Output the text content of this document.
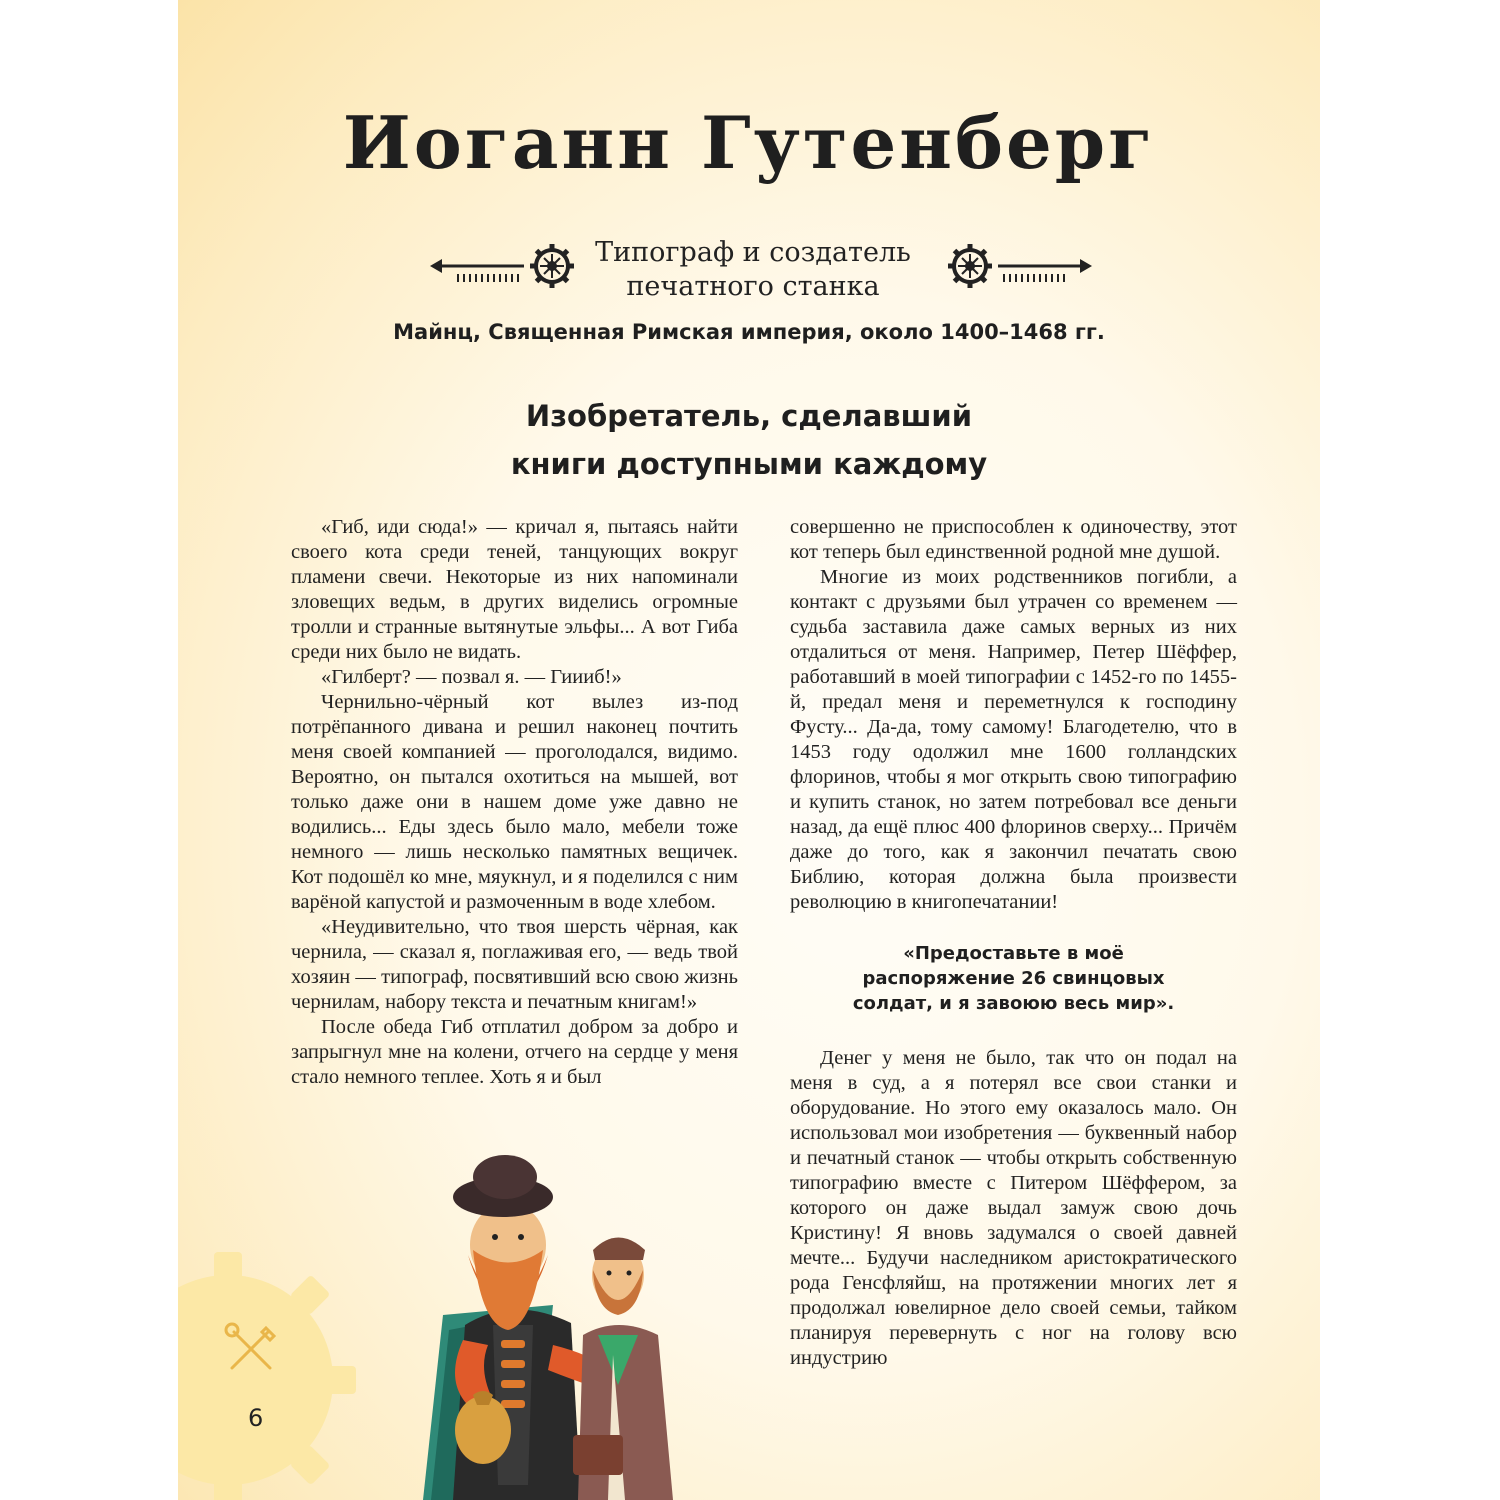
Иоганн Гутенберг
Типограф и создатель
печатного станка
Майнц, Священная Римская империя, около 1400–1468 гг.
Изобретатель, сделавший
книги доступными каждому

«Гиб, иди сюда!» — кричал я, пытаясь найти своего кота среди теней, танцующих вокруг пламени свечи. Некоторые из них напоминали зловещих ведьм, в других виделись огромные тролли и странные вытянутые эльфы... А вот Гиба среди них было не видать.

«Гилберт? — позвал я. — Гиииб!»

Чернильно-чёрный кот вылез из-под потрёпанного дивана и решил наконец почтить меня своей компанией — проголодался, видимо. Вероятно, он пытался охотиться на мышей, вот только даже они в нашем доме уже давно не водились... Еды здесь было мало, мебели тоже немного — лишь несколько памятных вещичек. Кот подошёл ко мне, мяукнул, и я поделился с ним варёной капустой и размоченным в воде хлебом.

«Неудивительно, что твоя шерсть чёрная, как чернила, — сказал я, поглаживая его, — ведь твой хозяин — типограф, посвятивший всю свою жизнь чернилам, набору текста и печатным книгам!»

После обеда Гиб отплатил добром за добро и запрыгнул мне на колени, отчего на сердце у меня стало немного теплее. Хоть я и был

совершенно не приспособлен к одиночеству, этот кот теперь был единственной родной мне душой.

Многие из моих родственников погибли, а контакт с друзьями был утрачен со временем — судьба заставила даже самых верных из них отдалиться от меня. Например, Петер Шёффер, работавший в моей типографии с 1452-го по 1455-й, предал меня и переметнулся к господину Фусту... Да-да, тому самому! Благодетелю, что в 1453 году одолжил мне 1600 голландских флоринов, чтобы я мог открыть свою типографию и купить станок, но затем потребовал все деньги назад, да ещё плюс 400 флоринов сверху... Причём даже до того, как я закончил печатать свою Библию, которая должна была произвести революцию в книгопечатании!

«Предоставьте в моё
распоряжение 26 свинцовых
солдат, и я завоюю весь мир».

Денег у меня не было, так что он подал на меня в суд, а я потерял все свои станки и оборудование. Но этого ему оказалось мало. Он использовал мои изобретения — буквенный набор и печатный станок — чтобы открыть собственную типографию вместе с Питером Шёффером, за которого он даже выдал замуж свою дочь Кристину! Я вновь задумался о своей давней мечте... Будучи наследником аристократического рода Генсфляйш, на протяжении многих лет я продолжал ювелирное дело своей семьи, тайком планируя перевернуть с ног на голову всю индустрию

6
